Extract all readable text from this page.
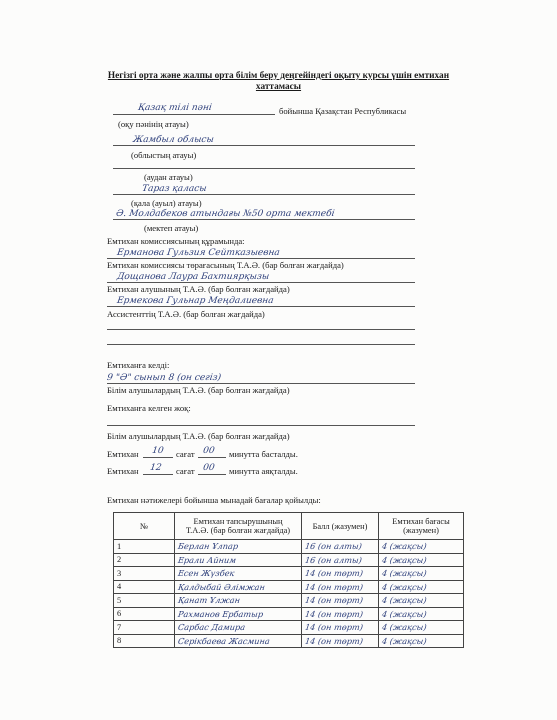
Негізгі орта және жалпы орта білім беру деңгейіндегі оқыту курсы үшін емтихан
хаттамасы
Қазақ тілі пәні	бойынша Қазақстан Республикасы
(оқу пәнінің атауы)
Жамбыл облысы
(облыстың атауы)
(аудан атауы)
Тараз қаласы
(қала (ауыл) атауы)
Ә. Молдабеков атындағы №50 орта мектебі
(мектеп атауы)
Емтихан комиссиясының құрамында:
Ерманова Гульзия Сейтказыевна
Емтихан комиссиясы төрағасының Т.А.Ә. (бар болған жағдайда)
Дощанова Лаура Бахтиярқызы
Емтихан алушының Т.А.Ә. (бар болған жағдайда)
Ермекова Гульнар Меңдалиевна
Ассистенттің Т.А.Ә. (бар болған жағдайда)
Емтиханға келді:
9 "Ә" сынып 8 (он сегіз)
Білім алушылардың Т.А.Ә. (бар болған жағдайда)
Емтиханға келген жоқ:
Білім алушылардың Т.А.Ә. (бар болған жағдайда)
Емтихан 10 сағат 00 минутта басталды.
Емтихан 12 сағат 00 минутта аяқталды.
Емтихан нәтижелері бойынша мынадай бағалар қойылды:
№	Емтихан тапсырушының
Т.А.Ә. (бар болған жағдайда)	Балл (жазумен)	Емтихан бағасы (жазумен)
1	Берлан Ұлпар	16 (он алты)	4 (жақсы)
2	Ерали Айним	16 (он алты)	4 (жақсы)
3	Есен Жүзбек	14 (он төрт)	4 (жақсы)
4	Қалдыбай Әлімжан	14 (он төрт)	4 (жақсы)
5	Қанат Ұлжан	14 (он төрт)	4 (жақсы)
6	Рахманов Ербатыр	14 (он төрт)	4 (жақсы)
7	Сарбас Дамира	14 (он төрт)	4 (жақсы)
8	Серікбаева Жасмина	14 (он төрт)	4 (жақсы)
